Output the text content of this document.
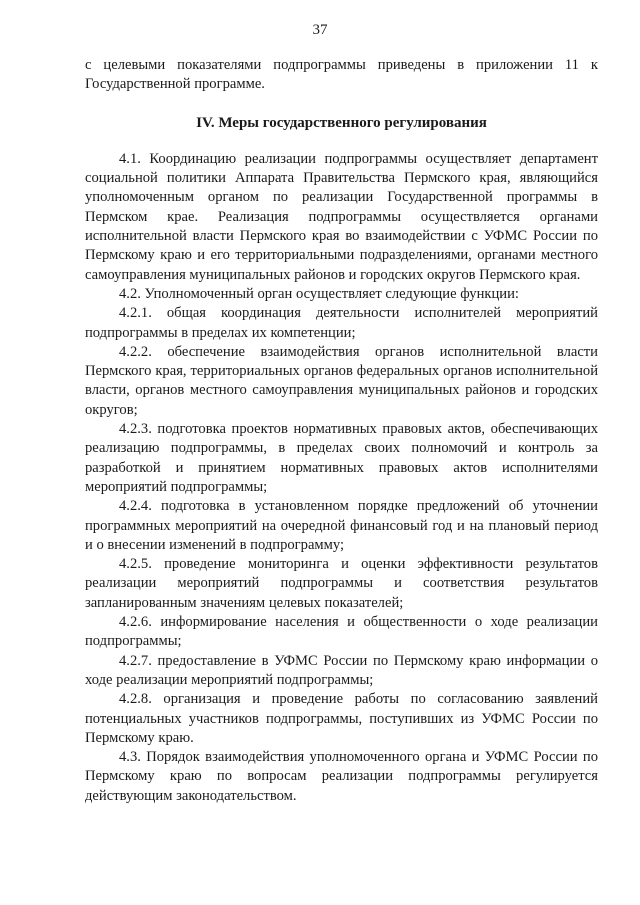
37

с целевыми показателями подпрограммы приведены в приложении 11 к Государственной программе.

IV. Меры государственного регулирования

4.1. Координацию реализации подпрограммы осуществляет департамент социальной политики Аппарата Правительства Пермского края, являющийся уполномоченным органом по реализации Государственной программы в Пермском крае. Реализация подпрограммы осуществляется органами исполнительной власти Пермского края во взаимодействии с УФМС России по Пермскому краю и его территориальными подразделениями, органами местного самоуправления муниципальных районов и городских округов Пермского края.

4.2. Уполномоченный орган осуществляет следующие функции:

4.2.1. общая координация деятельности исполнителей мероприятий подпрограммы в пределах их компетенции;

4.2.2. обеспечение взаимодействия органов исполнительной власти Пермского края, территориальных органов федеральных органов исполнительной власти, органов местного самоуправления муниципальных районов и городских округов;

4.2.3. подготовка проектов нормативных правовых актов, обеспечивающих реализацию подпрограммы, в пределах своих полномочий и контроль за разработкой и принятием нормативных правовых актов исполнителями мероприятий подпрограммы;

4.2.4. подготовка в установленном порядке предложений об уточнении программных мероприятий на очередной финансовый год и на плановый период и о внесении изменений в подпрограмму;

4.2.5. проведение мониторинга и оценки эффективности результатов реализации мероприятий подпрограммы и соответствия результатов запланированным значениям целевых показателей;

4.2.6. информирование населения и общественности о ходе реализации подпрограммы;

4.2.7. предоставление в УФМС России по Пермскому краю информации о ходе реализации мероприятий подпрограммы;

4.2.8. организация и проведение работы по согласованию заявлений потенциальных участников подпрограммы, поступивших из УФМС России по Пермскому краю.

4.3. Порядок взаимодействия уполномоченного органа и УФМС России по Пермскому краю по вопросам реализации подпрограммы регулируется действующим законодательством.
